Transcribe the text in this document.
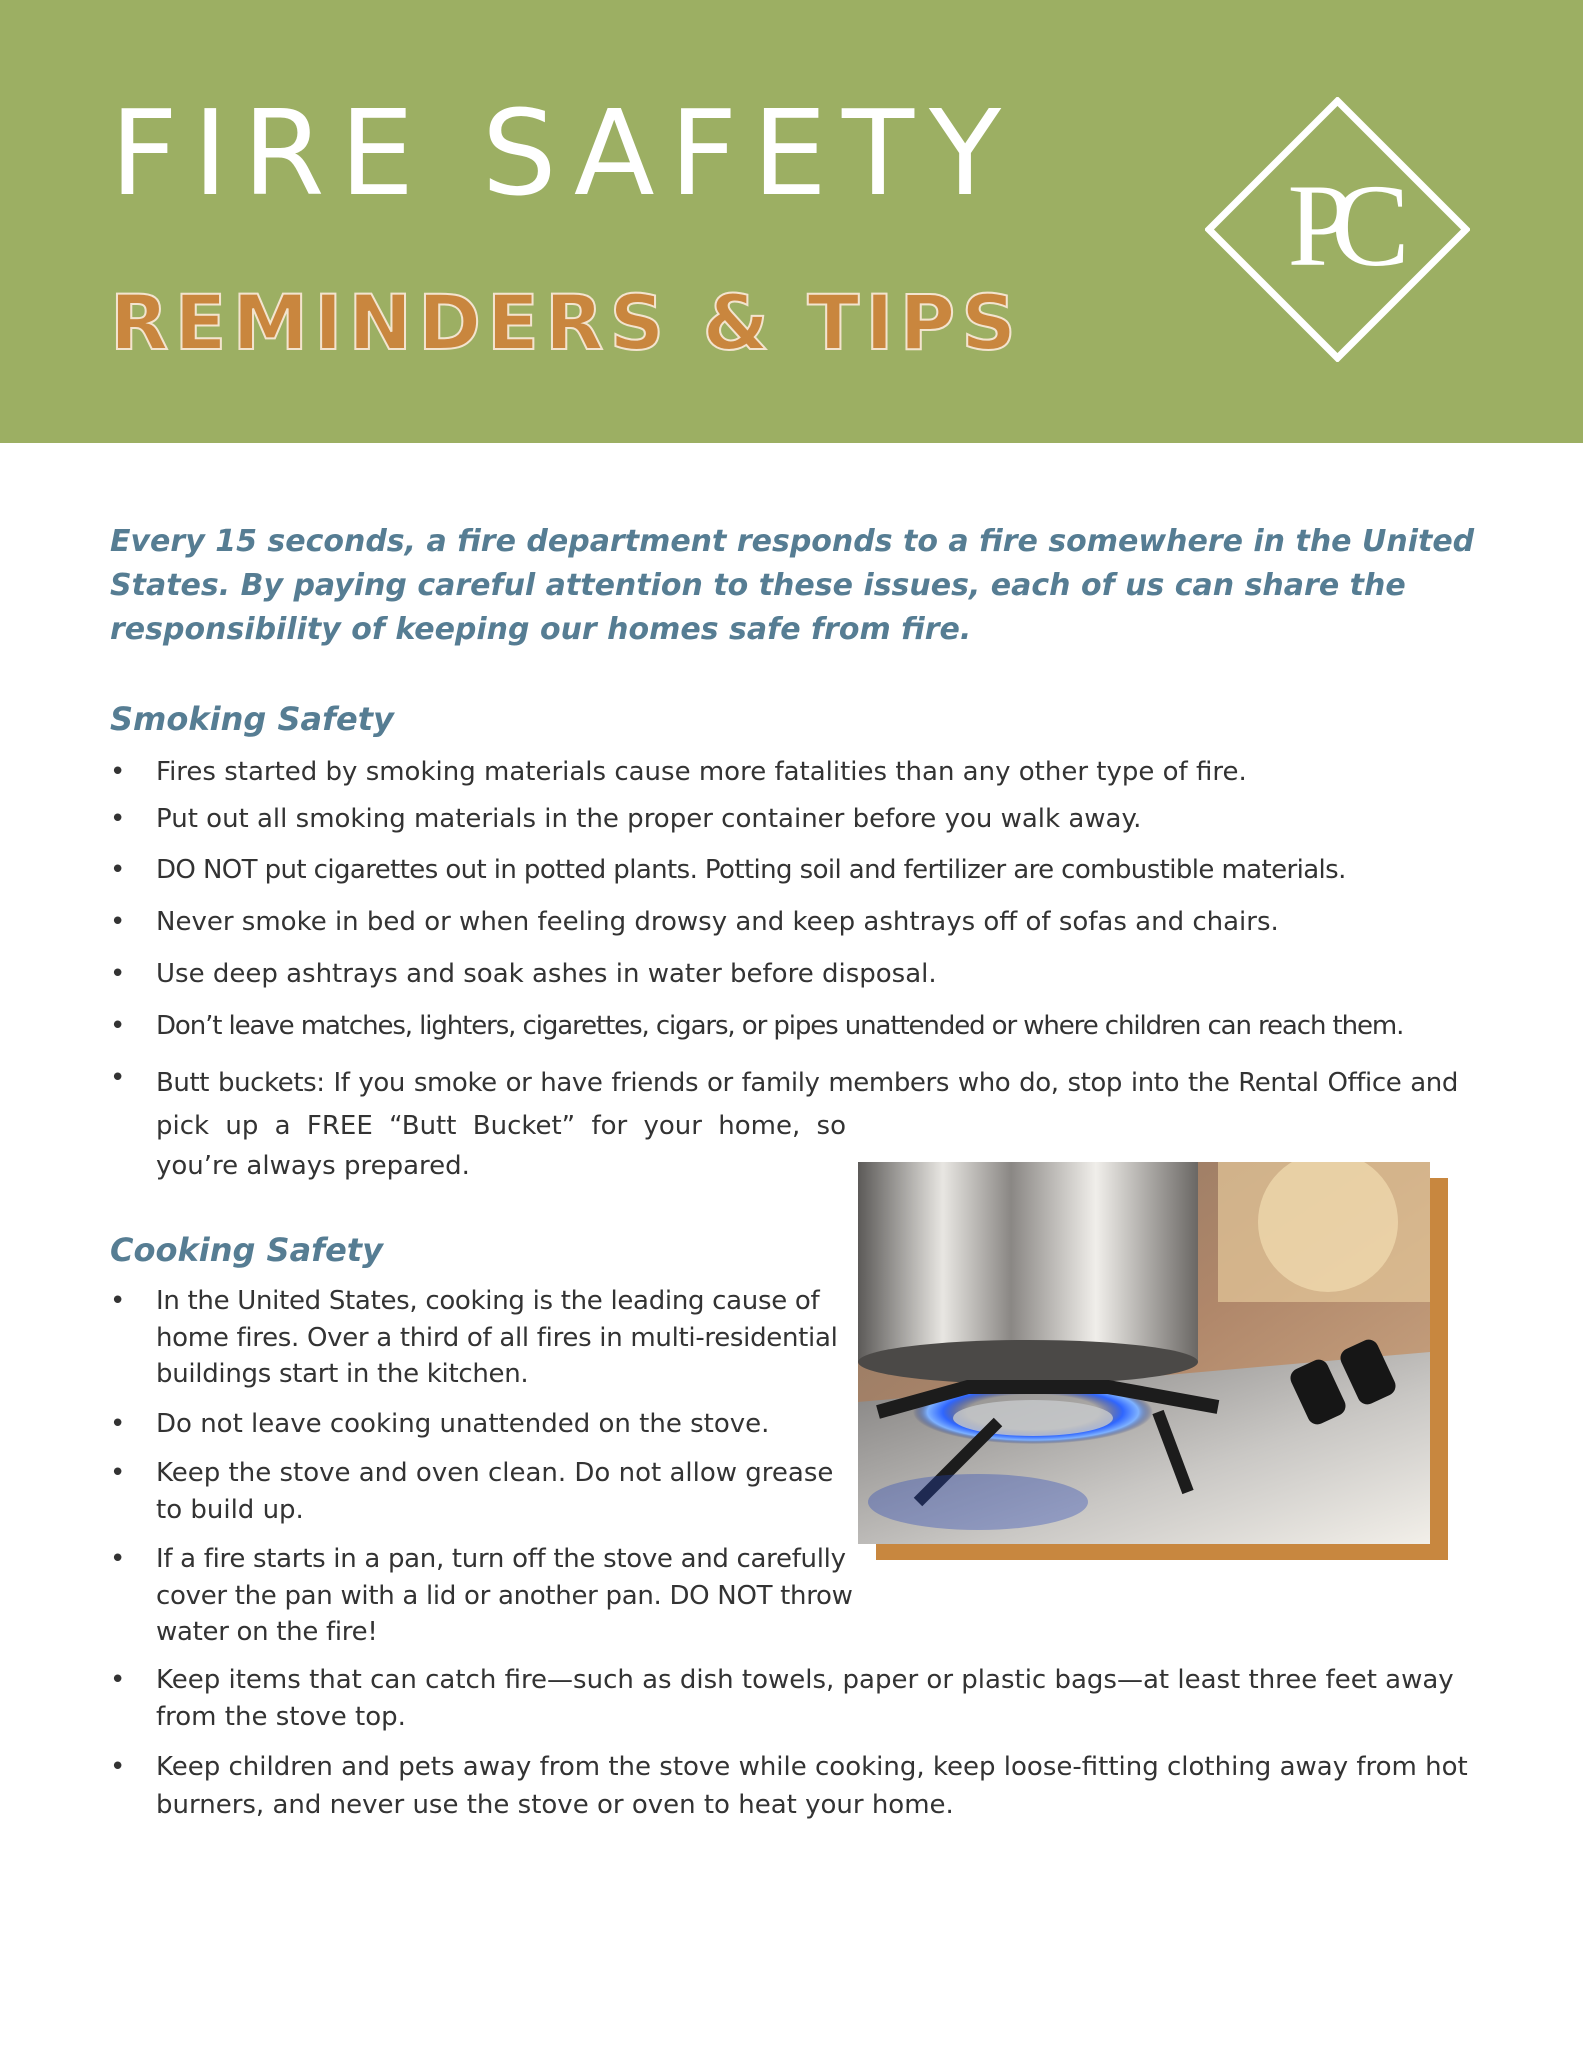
FIRE SAFETY
REMINDERS & TIPS
PC

Every 15 seconds, a fire department responds to a fire somewhere in the United States. By paying careful attention to these issues, each of us can share the responsibility of keeping our homes safe from fire.

Smoking Safety
• Fires started by smoking materials cause more fatalities than any other type of fire.
• Put out all smoking materials in the proper container before you walk away.
• DO NOT put cigarettes out in potted plants. Potting soil and fertilizer are combustible materials.
• Never smoke in bed or when feeling drowsy and keep ashtrays off of sofas and chairs.
• Use deep ashtrays and soak ashes in water before disposal.
• Don’t leave matches, lighters, cigarettes, cigars, or pipes unattended or where children can reach them.
• Butt buckets: If you smoke or have friends or family members who do, stop into the Rental Office and
pick up a FREE “Butt Bucket” for your home, so you’re always prepared.
Cooking Safety
• In the United States, cooking is the leading cause of home fires. Over a third of all fires in multi-residential buildings start in the kitchen.
• Do not leave cooking unattended on the stove.
• Keep the stove and oven clean. Do not allow grease to build up.
• If a fire starts in a pan, turn off the stove and carefully cover the pan with a lid or another pan. DO NOT throw water on the fire!
• Keep items that can catch fire—such as dish towels, paper or plastic bags—at least three feet away from the stove top.
• Keep children and pets away from the stove while cooking, keep loose-fitting clothing away from hot burners, and never use the stove or oven to heat your home.
